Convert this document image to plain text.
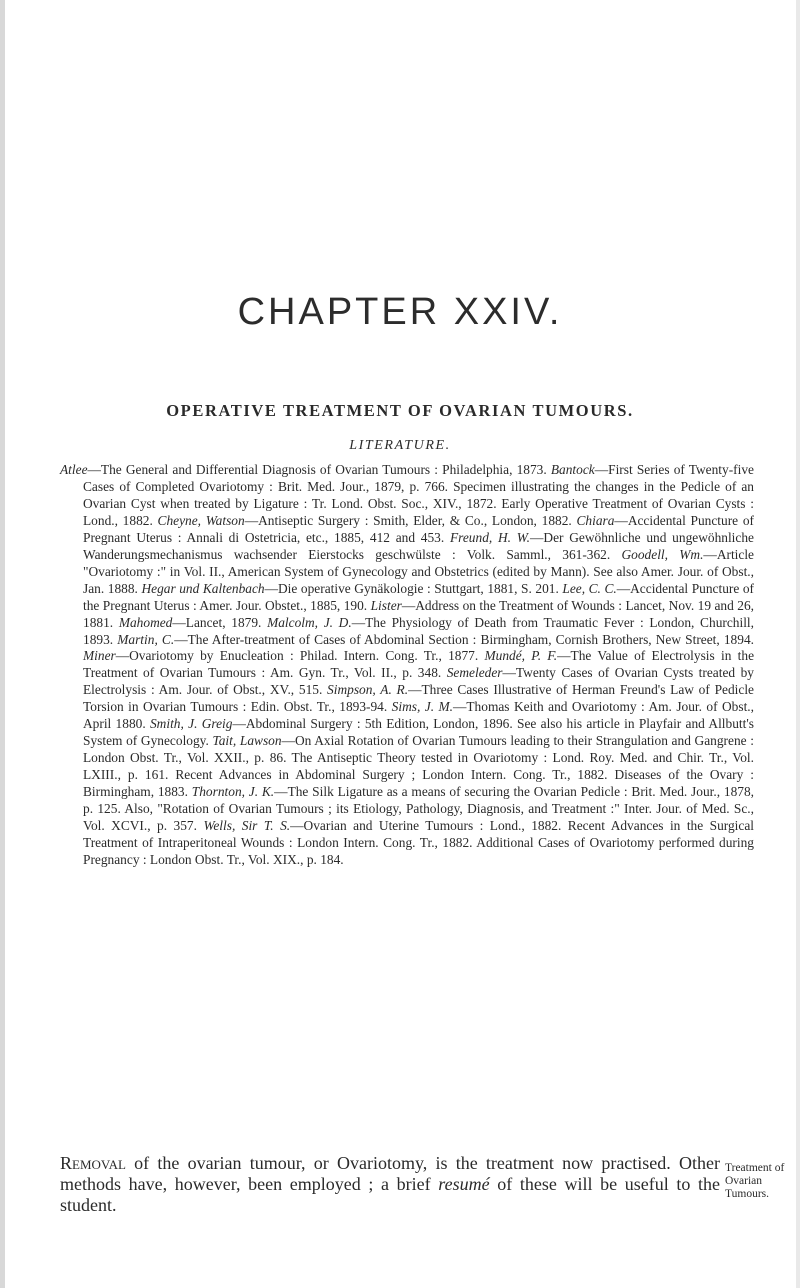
CHAPTER XXIV.
OPERATIVE TREATMENT OF OVARIAN TUMOURS.
LITERATURE.
Atlee—The General and Differential Diagnosis of Ovarian Tumours : Philadelphia, 1873. Bantock—First Series of Twenty-five Cases of Completed Ovariotomy : Brit. Med. Jour., 1879, p. 766. Specimen illustrating the changes in the Pedicle of an Ovarian Cyst when treated by Ligature : Tr. Lond. Obst. Soc., XIV., 1872. Early Operative Treatment of Ovarian Cysts : Lond., 1882. Cheyne, Watson—Antiseptic Surgery : Smith, Elder, & Co., London, 1882. Chiara—Accidental Puncture of Pregnant Uterus : Annali di Ostetricia, etc., 1885, 412 and 453. Freund, H. W.—Der Gewöhnliche und ungewöhnliche Wanderungsmechanismus wachsender Eierstocks geschwülste : Volk. Samml., 361-362. Goodell, Wm.—Article "Ovariotomy :" in Vol. II., American System of Gynecology and Obstetrics (edited by Mann). See also Amer. Jour. of Obst., Jan. 1888. Hegar und Kaltenbach—Die operative Gynäkologie : Stuttgart, 1881, S. 201. Lee, C. C.—Accidental Puncture of the Pregnant Uterus : Amer. Jour. Obstet., 1885, 190. Lister—Address on the Treatment of Wounds : Lancet, Nov. 19 and 26, 1881. Mahomed—Lancet, 1879. Malcolm, J. D.—The Physiology of Death from Traumatic Fever : London, Churchill, 1893. Martin, C.—The After-treatment of Cases of Abdominal Section : Birmingham, Cornish Brothers, New Street, 1894. Miner—Ovariotomy by Enucleation : Philad. Intern. Cong. Tr., 1877. Mundé, P. F.—The Value of Electrolysis in the Treatment of Ovarian Tumours : Am. Gyn. Tr., Vol. II., p. 348. Semeleder—Twenty Cases of Ovarian Cysts treated by Electrolysis : Am. Jour. of Obst., XV., 515. Simpson, A. R.—Three Cases Illustrative of Herman Freund's Law of Pedicle Torsion in Ovarian Tumours : Edin. Obst. Tr., 1893-94. Sims, J. M.—Thomas Keith and Ovariotomy : Am. Jour. of Obst., April 1880. Smith, J. Greig—Abdominal Surgery : 5th Edition, London, 1896. See also his article in Playfair and Allbutt's System of Gynecology. Tait, Lawson—On Axial Rotation of Ovarian Tumours leading to their Strangulation and Gangrene : London Obst. Tr., Vol. XXII., p. 86. The Antiseptic Theory tested in Ovariotomy : Lond. Roy. Med. and Chir. Tr., Vol. LXIII., p. 161. Recent Advances in Abdominal Surgery ; London Intern. Cong. Tr., 1882. Diseases of the Ovary : Birmingham, 1883. Thornton, J. K.—The Silk Ligature as a means of securing the Ovarian Pedicle : Brit. Med. Jour., 1878, p. 125. Also, "Rotation of Ovarian Tumours ; its Etiology, Pathology, Diagnosis, and Treatment :" Inter. Jour. of Med. Sc., Vol. XCVI., p. 357. Wells, Sir T. S.—Ovarian and Uterine Tumours : Lond., 1882. Recent Advances in the Surgical Treatment of Intraperitoneal Wounds : London Intern. Cong. Tr., 1882. Additional Cases of Ovariotomy performed during Pregnancy : London Obst. Tr., Vol. XIX., p. 184.
Removal of the ovarian tumour, or Ovariotomy, is the treatment now practised. Other methods have, however, been employed ; a brief resumé of these will be useful to the student.
Treatment of Ovarian Tumours.
